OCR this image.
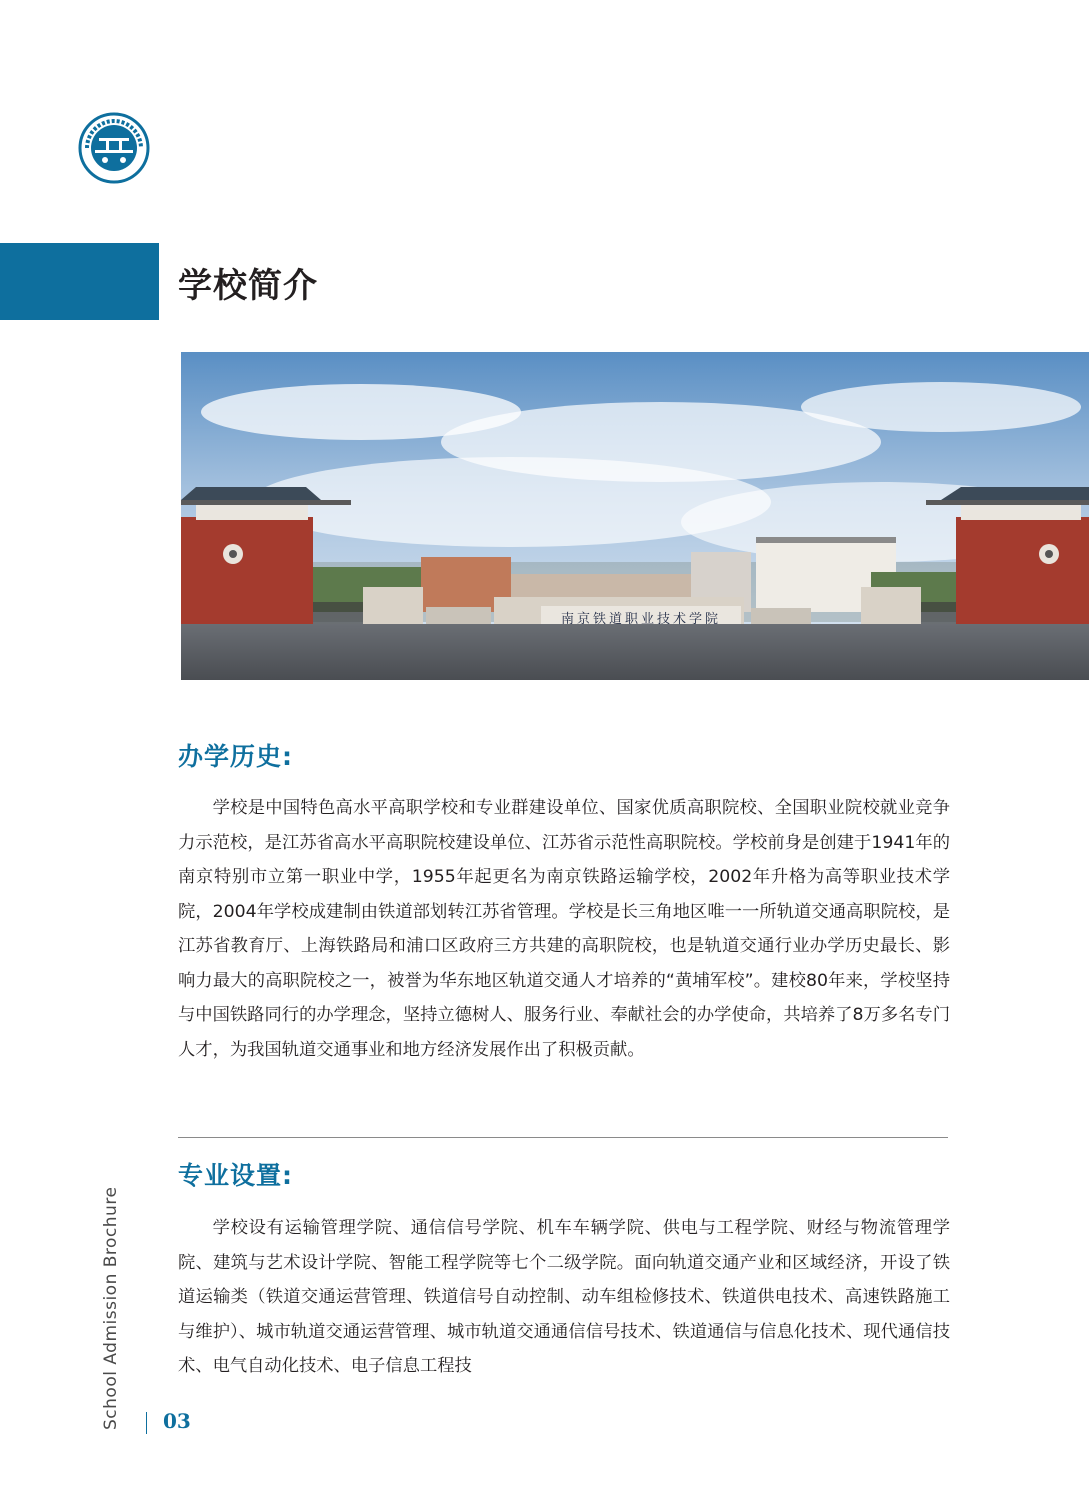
学校简介
南京铁道职业技术学院
办学历史:

学校是中国特色高水平高职学校和专业群建设单位、国家优质高职院校、全国职业院校就业竞争力示范校，是江苏省高水平高职院校建设单位、江苏省示范性高职院校。学校前身是创建于1941年的南京特别市立第一职业中学，1955年起更名为南京铁路运输学校，2002年升格为高等职业技术学院，2004年学校成建制由铁道部划转江苏省管理。学校是长三角地区唯一一所轨道交通高职院校，是江苏省教育厅、上海铁路局和浦口区政府三方共建的高职院校，也是轨道交通行业办学历史最长、影响力最大的高职院校之一，被誉为华东地区轨道交通人才培养的“黄埔军校”。建校80年来，学校坚持与中国铁路同行的办学理念，坚持立德树人、服务行业、奉献社会的办学使命，共培养了8万多名专门人才，为我国轨道交通事业和地方经济发展作出了积极贡献。

专业设置:

学校设有运输管理学院、通信信号学院、机车车辆学院、供电与工程学院、财经与物流管理学院、建筑与艺术设计学院、智能工程学院等七个二级学院。面向轨道交通产业和区域经济，开设了铁道运输类（铁道交通运营管理、铁道信号自动控制、动车组检修技术、铁道供电技术、高速铁路施工与维护）、城市轨道交通运营管理、城市轨道交通通信信号技术、铁道通信与信息化技术、现代通信技术、电气自动化技术、电子信息工程技

School Admission Brochure 03
